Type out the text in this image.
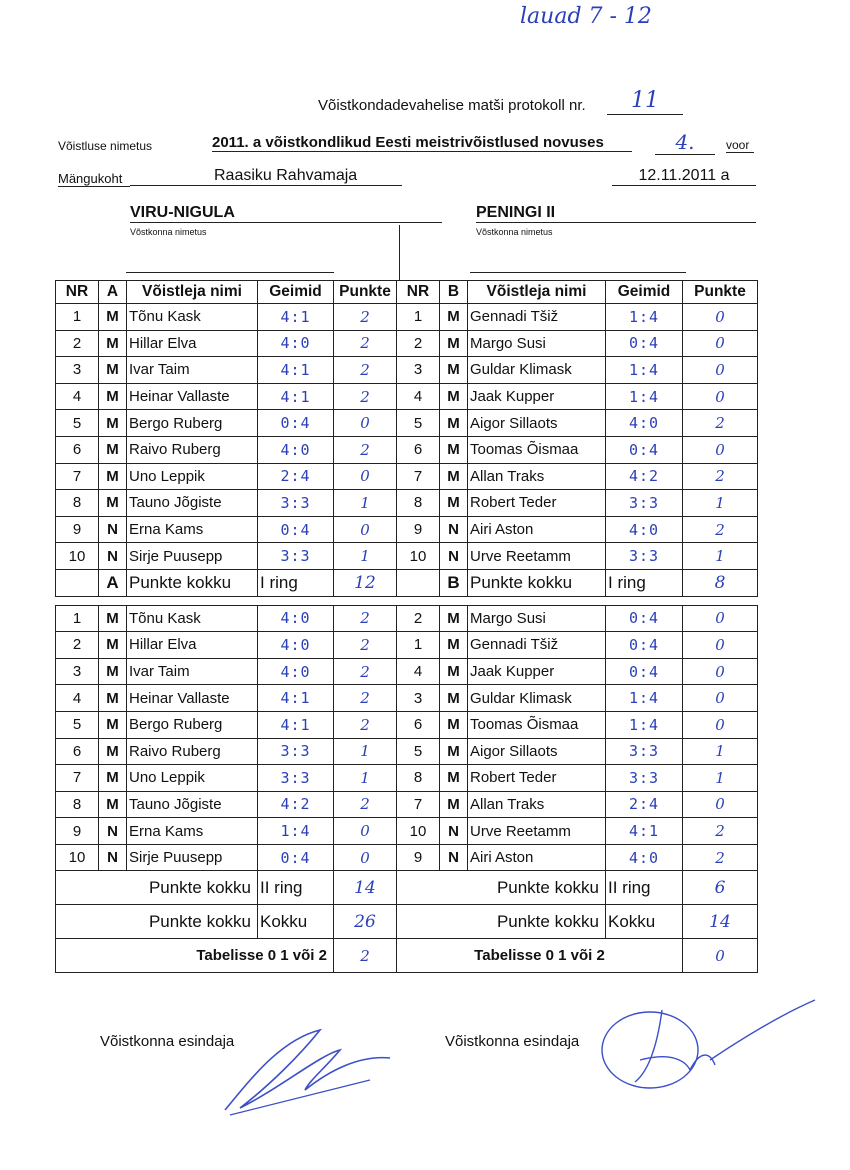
lauad 7 - 12
Võistkondadevahelise matši protokoll nr.	11
Võistluse nimetus	2011. a võistkondlikud Eesti meistrivõistlused novuses	4.	voor
Mängukoht	Raasiku Rahvamaja	12.11.2011 a
VIRU-NIGULA
Võstkonna nimetus
PENINGI II
Võstkonna nimetus
NR	A	Võistleja nimi	Geimid	Punkte	NR	B	Võistleja nimi	Geimid	Punkte
1	M	Tõnu Kask	4:1	2	1	M	Gennadi Tšiž	1:4	0
2	M	Hillar Elva	4:0	2	2	M	Margo Susi	0:4	0
3	M	Ivar Taim	4:1	2	3	M	Guldar Klimask	1:4	0
4	M	Heinar Vallaste	4:1	2	4	M	Jaak Kupper	1:4	0
5	M	Bergo Ruberg	0:4	0	5	M	Aigor Sillaots	4:0	2
6	M	Raivo Ruberg	4:0	2	6	M	Toomas Õismaa	0:4	0
7	M	Uno Leppik	2:4	0	7	M	Allan Traks	4:2	2
8	M	Tauno Jõgiste	3:3	1	8	M	Robert Teder	3:3	1
9	N	Erna Kams	0:4	0	9	N	Airi Aston	4:0	2
10	N	Sirje Puusepp	3:3	1	10	N	Urve Reetamm	3:3	1
	A	Punkte kokku	I ring	12		B	Punkte kokku	I ring	8

1	M	Tõnu Kask	4:0	2	2	M	Margo Susi	0:4	0
2	M	Hillar Elva	4:0	2	1	M	Gennadi Tšiž	0:4	0
3	M	Ivar Taim	4:0	2	4	M	Jaak Kupper	0:4	0
4	M	Heinar Vallaste	4:1	2	3	M	Guldar Klimask	1:4	0
5	M	Bergo Ruberg	4:1	2	6	M	Toomas Õismaa	1:4	0
6	M	Raivo Ruberg	3:3	1	5	M	Aigor Sillaots	3:3	1
7	M	Uno Leppik	3:3	1	8	M	Robert Teder	3:3	1
8	M	Tauno Jõgiste	4:2	2	7	M	Allan Traks	2:4	0
9	N	Erna Kams	1:4	0	10	N	Urve Reetamm	4:1	2
10	N	Sirje Puusepp	0:4	0	9	N	Airi Aston	4:0	2
Punkte kokku			II ring	14	Punkte kokku			II ring	6
Punkte kokku			Kokku	26	Punkte kokku			Kokku	14
Tabelisse 0 1 või 2				2	Tabelisse 0 1 või 2				0
Võistkonna esindaja	Võistkonna esindaja
